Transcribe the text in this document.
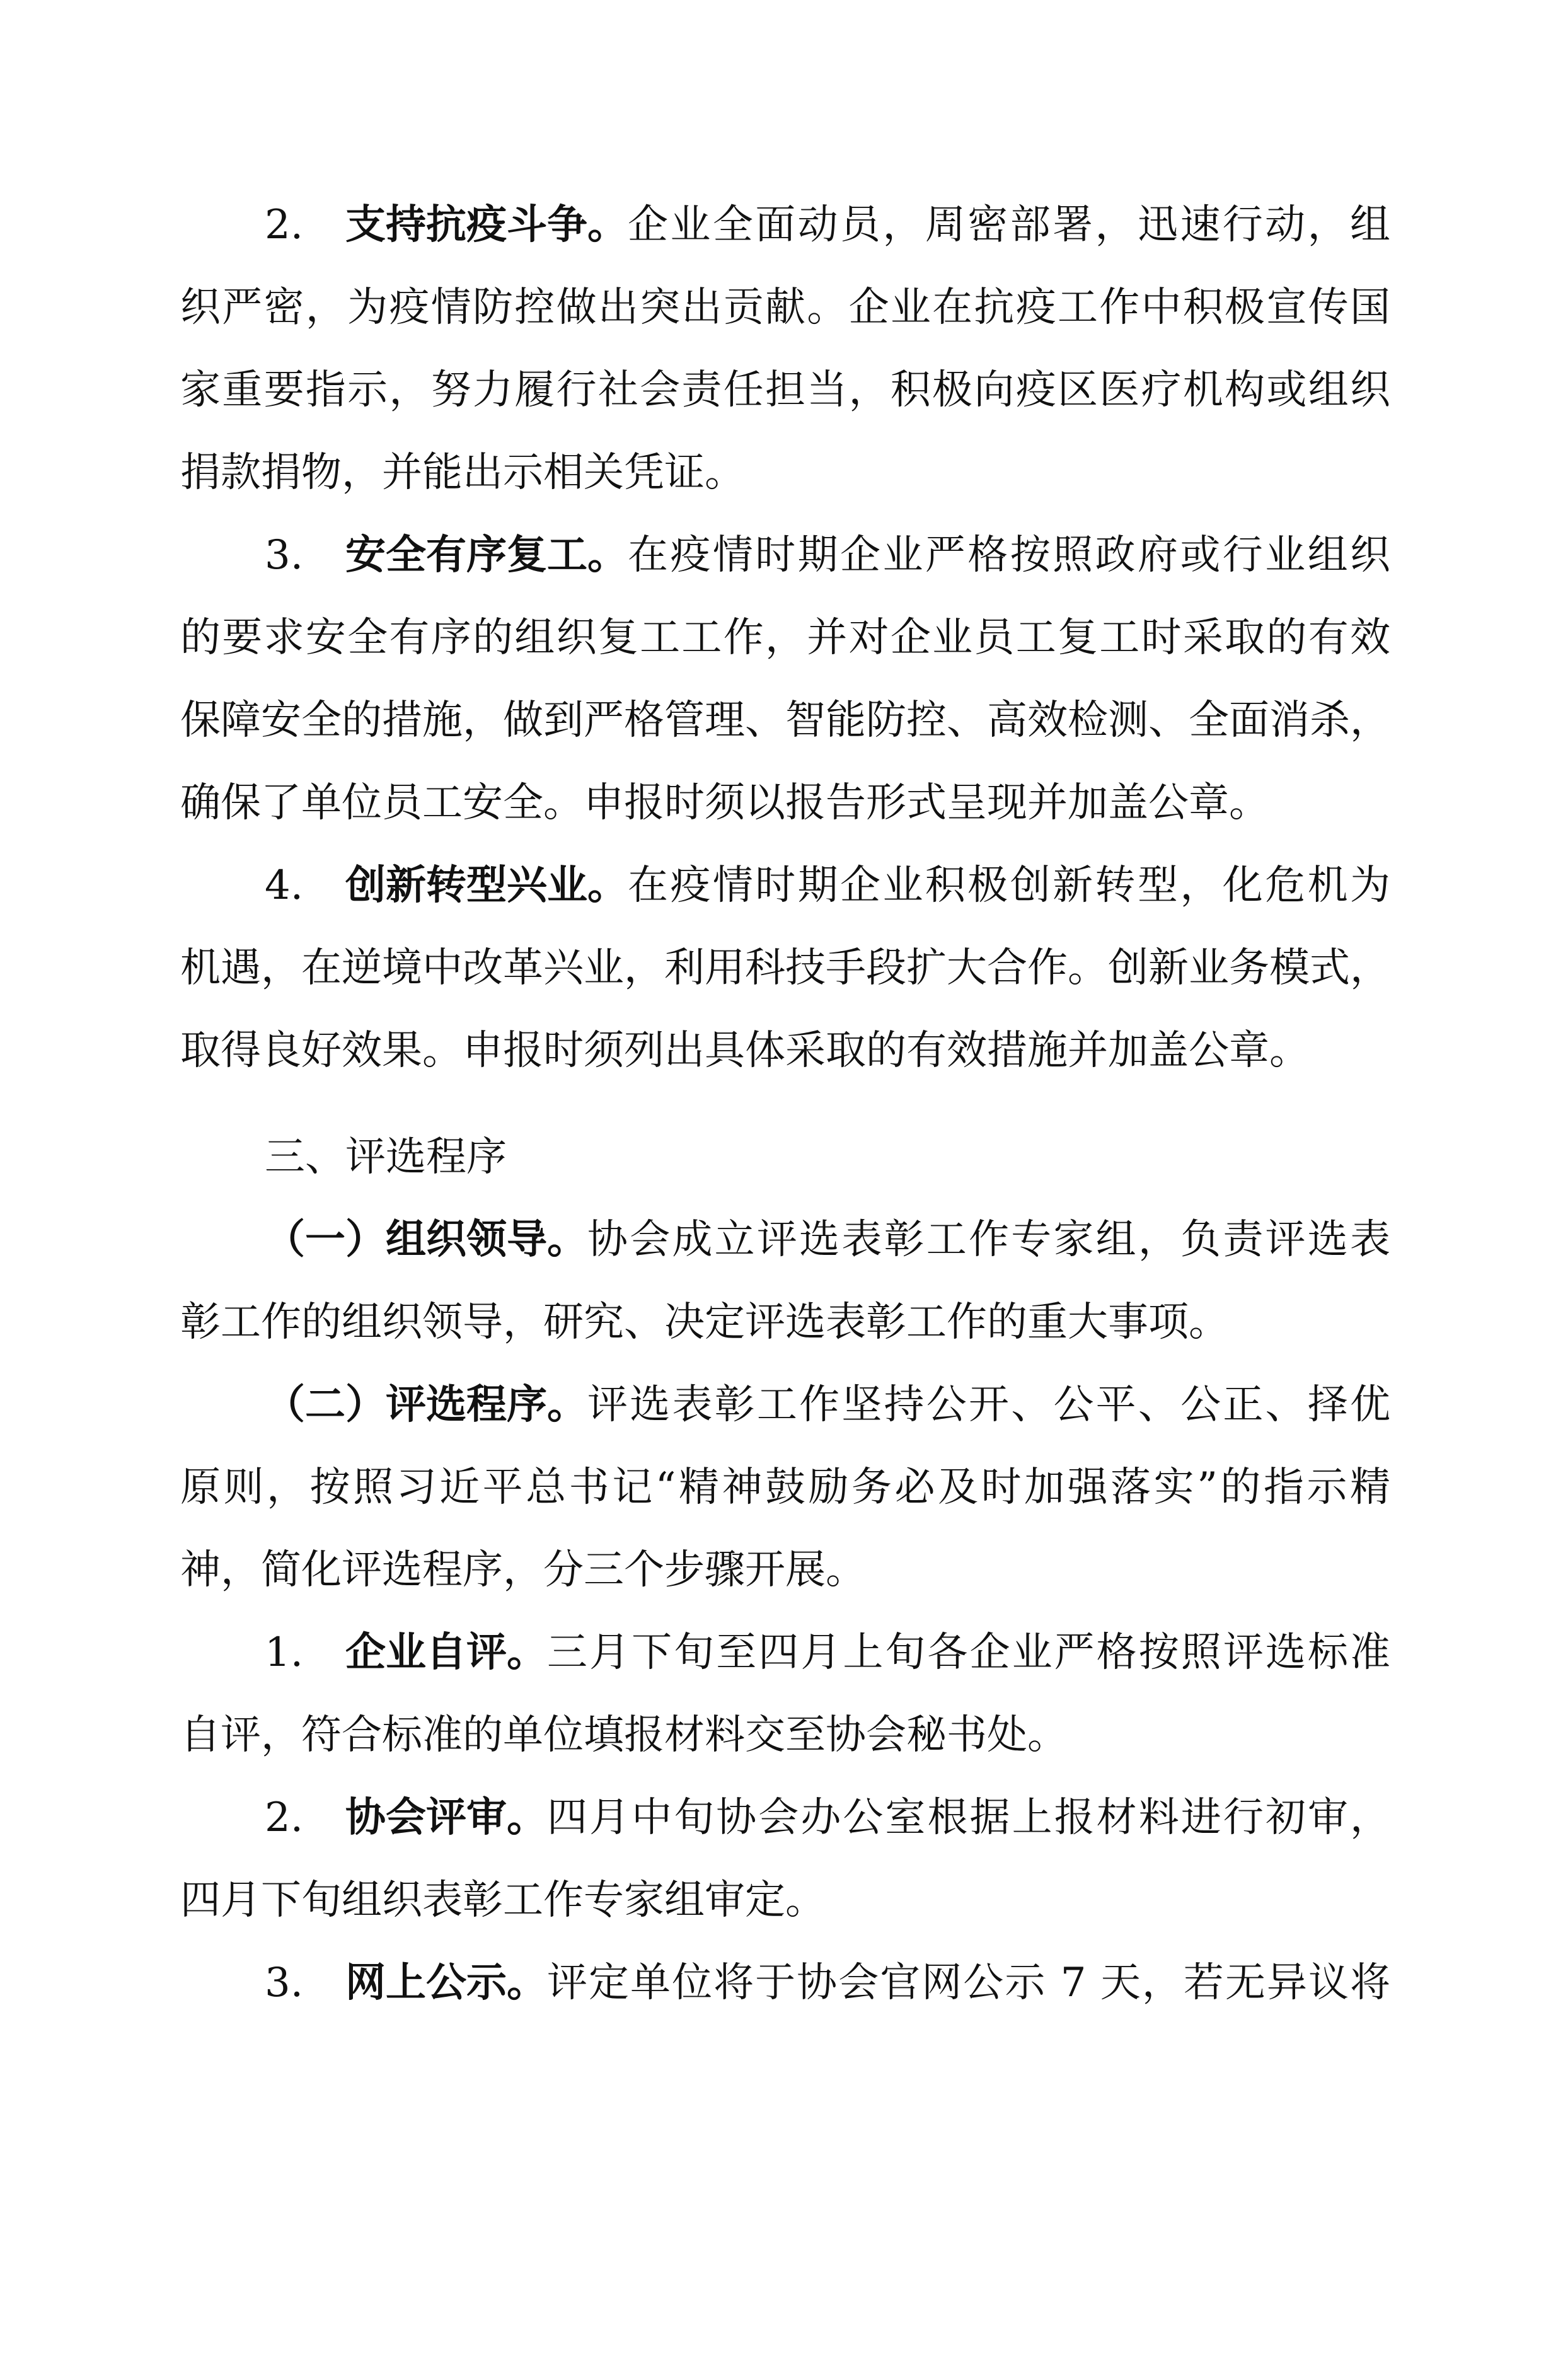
2.

支持抗疫斗争。

企业全面动员，周密部署，迅速行动，组

织严密，为疫情防控做出突出贡献。企业在抗疫工作中积极宣传国

家重要指示，努力履行社会责任担当，积极向疫区医疗机构或组织

捐款捐物，并能出示相关凭证。

3.

安全有序复工。

在疫情时期企业严格按照政府或行业组织

的要求安全有序的组织复工工作，并对企业员工复工时采取的有效

保障安全的措施，做到严格管理、智能防控、高效检测、全面消杀，

确保了单位员工安全。申报时须以报告形式呈现并加盖公章。

4.

创新转型兴业。

在疫情时期企业积极创新转型，化危机为

机遇，在逆境中改革兴业，利用科技手段扩大合作。创新业务模式，

取得良好效果。申报时须列出具体采取的有效措施并加盖公章。

三、评选程序

（一）组织领导。

协会成立评选表彰工作专家组，负责评选表

彰工作的组织领导，研究、决定评选表彰工作的重大事项。

（二）评选程序。

评选表彰工作坚持公开、公平、公正、择优

原则，按照习近平总书记“精神鼓励务必及时加强落实”的指示精

神，简化评选程序，分三个步骤开展。

1.

企业自评。

三月下旬至四月上旬各企业严格按照评选标准

自评，符合标准的单位填报材料交至协会秘书处。

2.

协会评审。

四月中旬协会办公室根据上报材料进行初审，

四月下旬组织表彰工作专家组审定。

3.

网上公示。

评定单位将于协会官网公示 7 天，若无异议将
